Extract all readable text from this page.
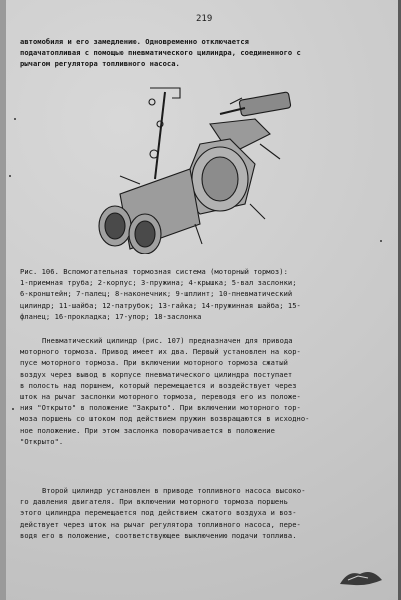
219
автомобиля и его замедлению. Одновременно отключается
подачатопливая с помощью пневматического цилиндра, соединенного с
рычагом регулятора топливного насоса.
Рис. 106. Вспомогательная тормозная система (моторный тормоз):
1-приемная труба; 2-корпус; 3-пружина; 4-крышка; 5-вал заслонки;
6-кронштейн; 7-палец; 8-наконечник; 9-шплинт; 10-пневматический
цилиндр; 11-шайба; 12-патрубок; 13-гайка; 14-пружинная шайба; 15-
фланец; 16-прокладка; 17-упор; 18-заслонка
Пневматический цилиндр (рис. 107) предназначен для привода
моторного тормоза. Привод имеет их два. Первый установлен на кор-
пусе моторного тормоза. При включении моторного тормоза сжатый
воздух через вывод в корпусе пневматического цилиндра поступает
в полость над поршнем, который перемещается и воздействует через
шток на рычаг заслонки моторного тормоза, переводя его из положе-
ния "Открыто" в положение "Закрыто". При включении моторного тор-
моза поршень со штоком под действием пружин возвращаются в исходно-
ное положение. При этом заслонка поворачивается в положение
"Открыто".
Второй цилиндр установлен в приводе топливного насоса высоко-
го давления двигателя. При включении моторного тормоза поршень
этого цилиндра перемещается под действием сжатого воздуха и воз-
действует через шток на рычаг регулятора топливного насоса, пере-
водя его в положение, соответствующее выключению подачи топлива.
